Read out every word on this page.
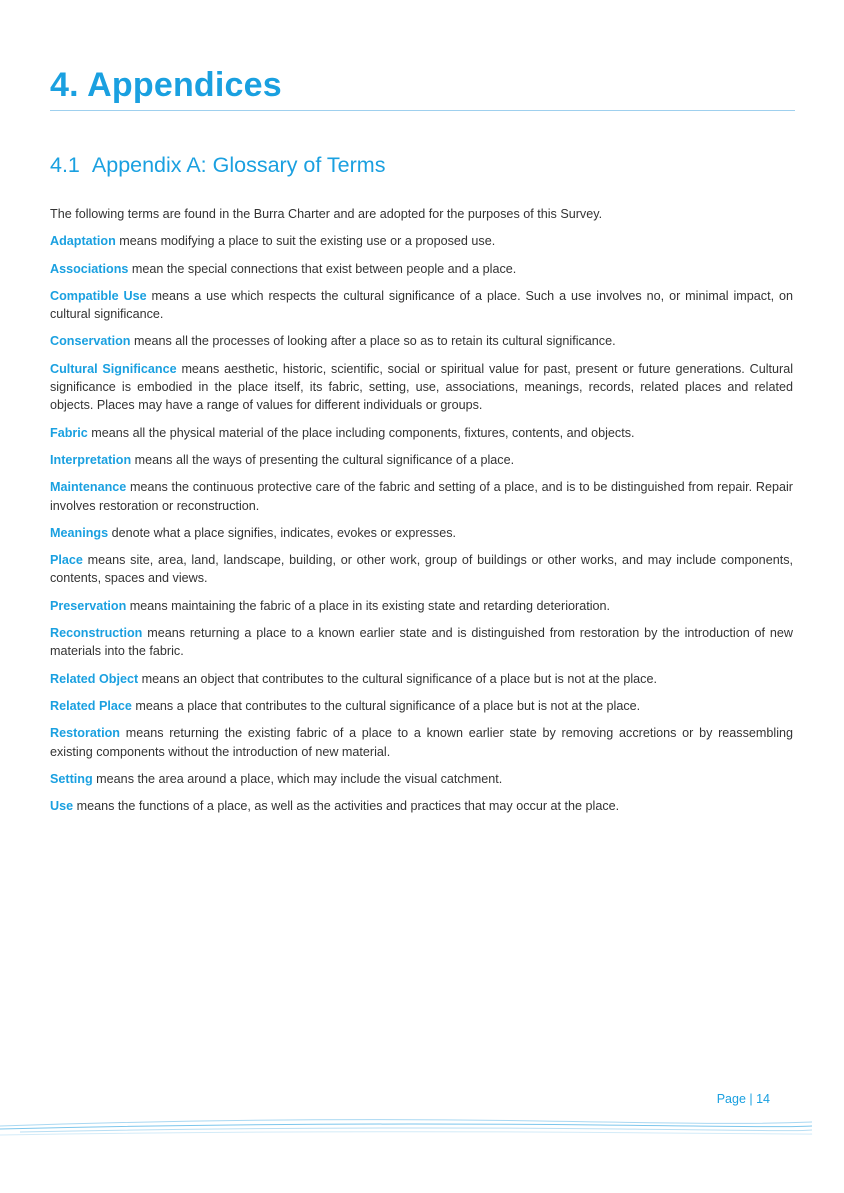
4. Appendices
4.1 Appendix A: Glossary of Terms

The following terms are found in the Burra Charter and are adopted for the purposes of this Survey.

Adaptation means modifying a place to suit the existing use or a proposed use.

Associations mean the special connections that exist between people and a place.

Compatible Use means a use which respects the cultural significance of a place. Such a use involves no, or minimal impact, on cultural significance.

Conservation means all the processes of looking after a place so as to retain its cultural significance.

Cultural Significance means aesthetic, historic, scientific, social or spiritual value for past, present or future generations. Cultural significance is embodied in the place itself, its fabric, setting, use, associations, meanings, records, related places and related objects. Places may have a range of values for different individuals or groups.

Fabric means all the physical material of the place including components, fixtures, contents, and objects.

Interpretation means all the ways of presenting the cultural significance of a place.

Maintenance means the continuous protective care of the fabric and setting of a place, and is to be distinguished from repair. Repair involves restoration or reconstruction.

Meanings denote what a place signifies, indicates, evokes or expresses.

Place means site, area, land, landscape, building, or other work, group of buildings or other works, and may include components, contents, spaces and views.

Preservation means maintaining the fabric of a place in its existing state and retarding deterioration.

Reconstruction means returning a place to a known earlier state and is distinguished from restoration by the introduction of new materials into the fabric.

Related Object means an object that contributes to the cultural significance of a place but is not at the place.

Related Place means a place that contributes to the cultural significance of a place but is not at the place.

Restoration means returning the existing fabric of a place to a known earlier state by removing accretions or by reassembling existing components without the introduction of new material.

Setting means the area around a place, which may include the visual catchment.

Use means the functions of a place, as well as the activities and practices that may occur at the place.

Page | 14
